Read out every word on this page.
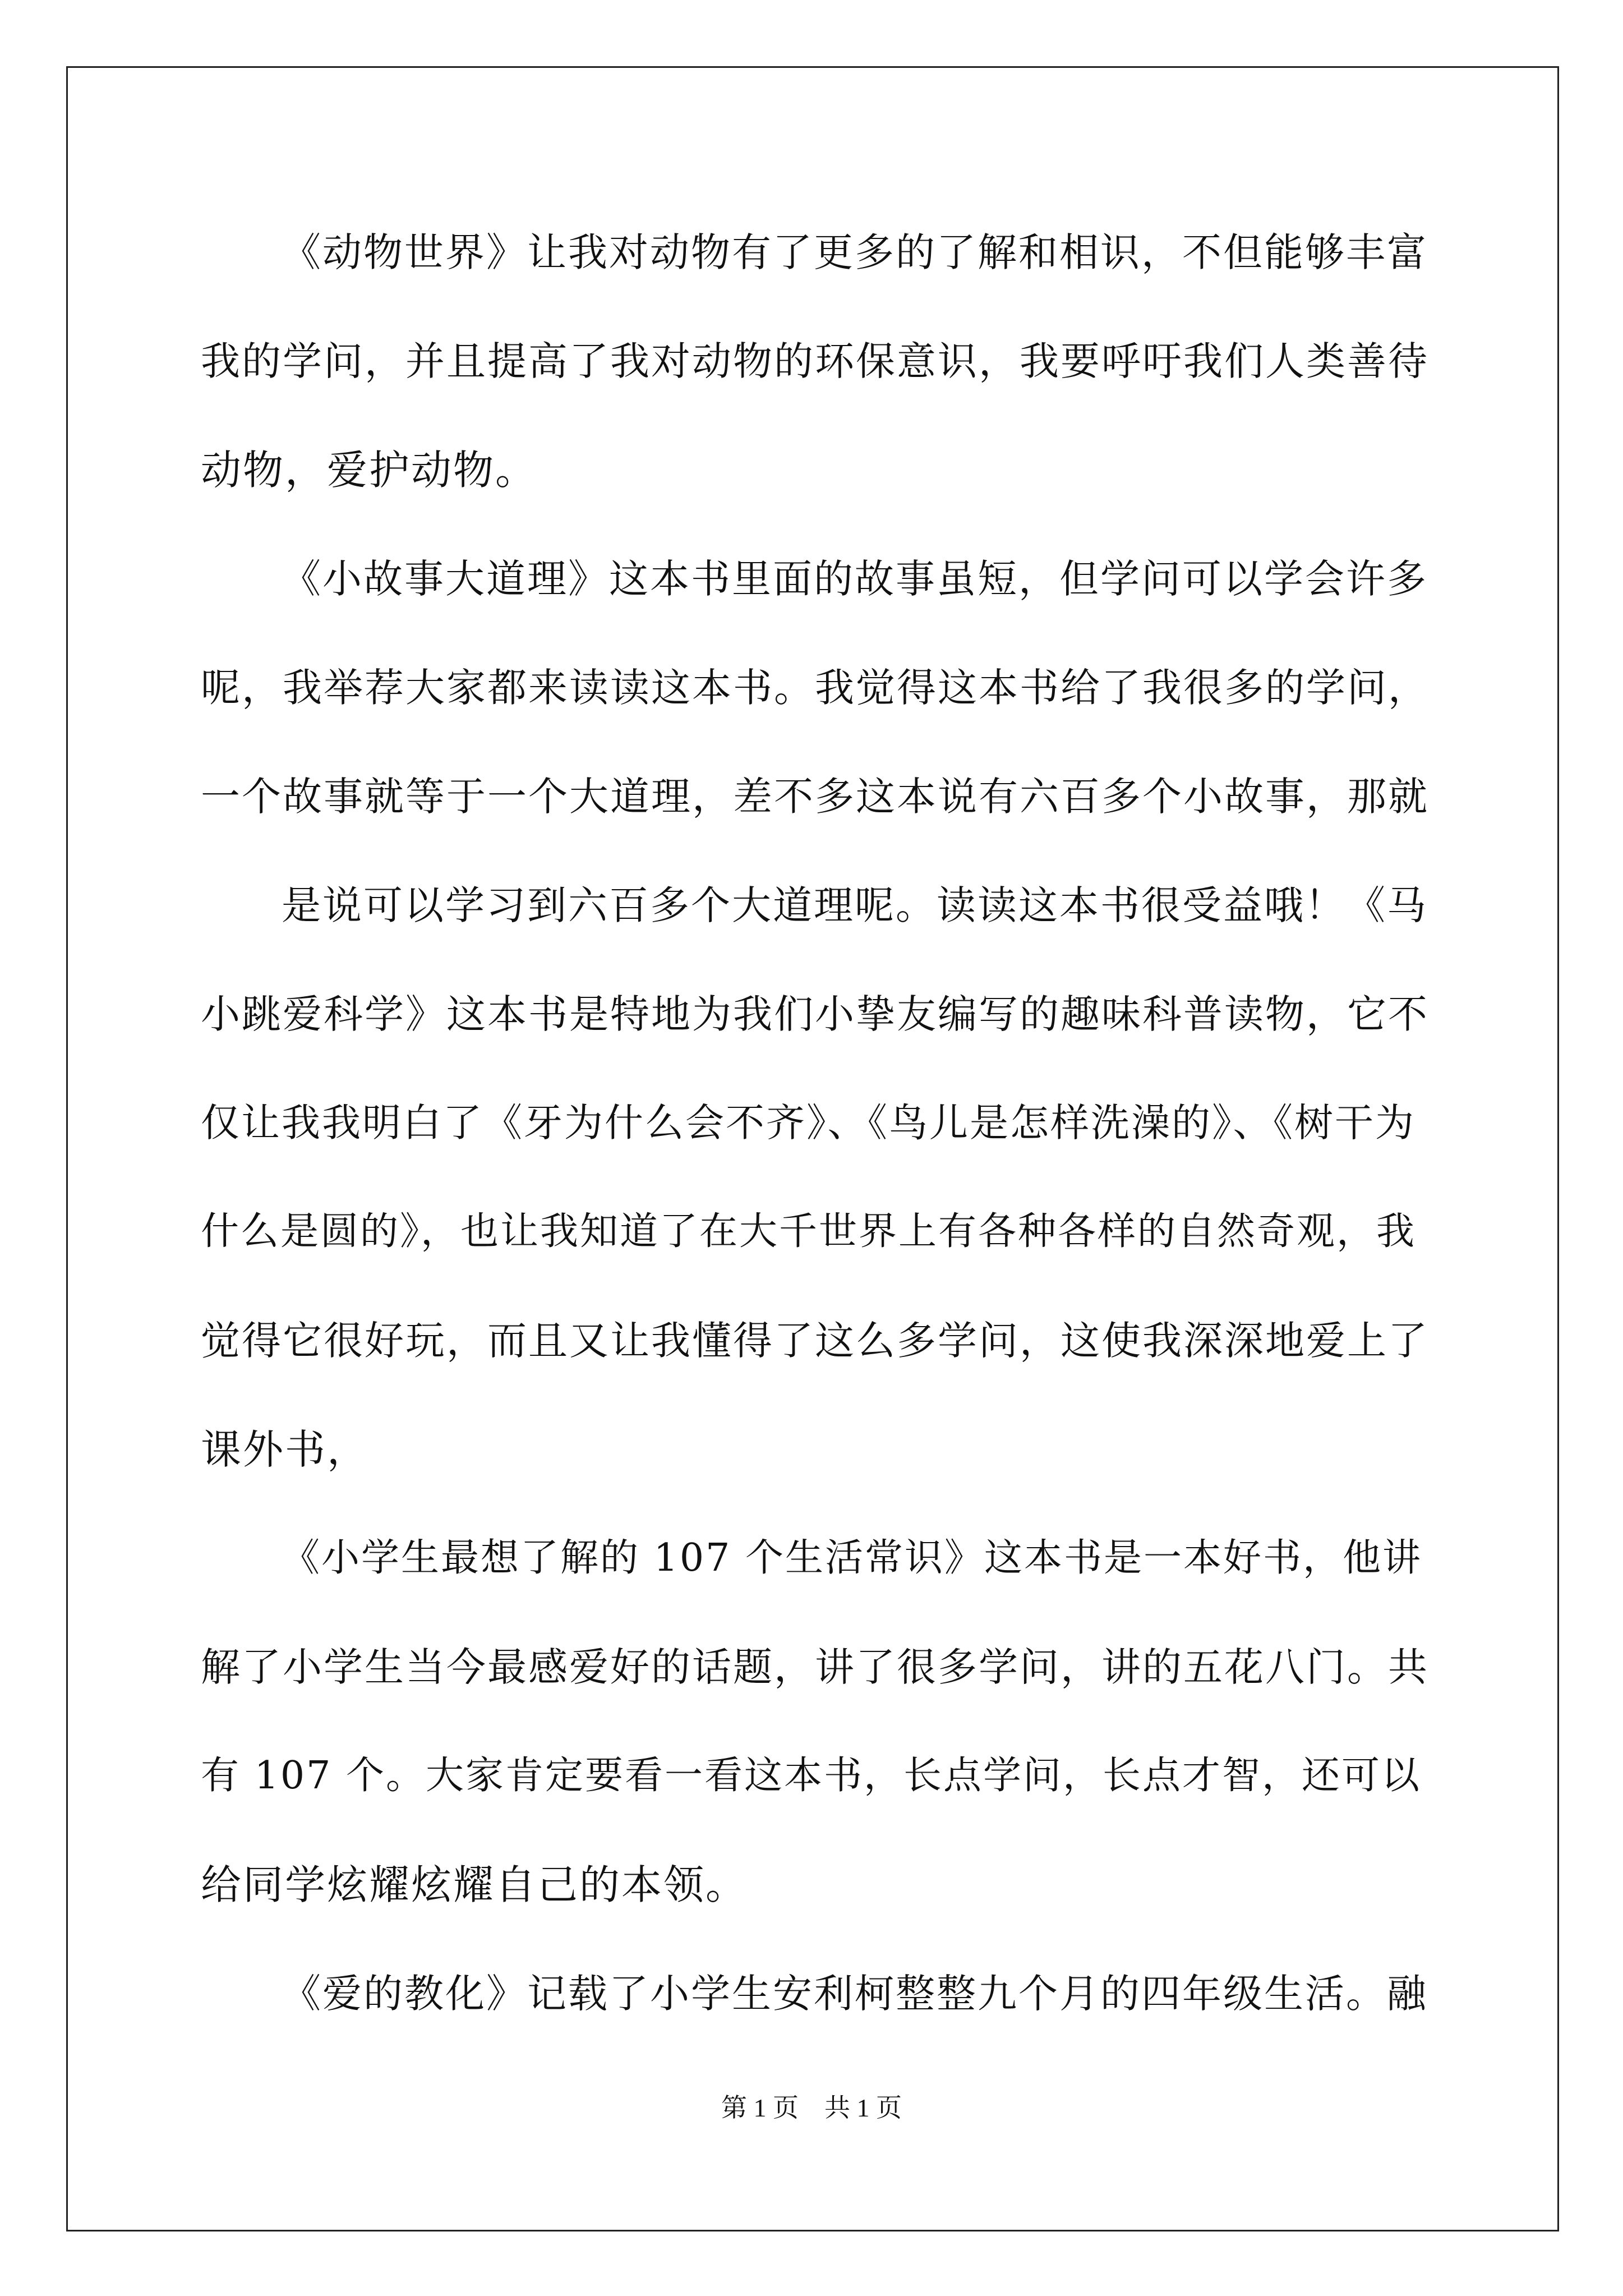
《动物世界》让我对动物有了更多的了解和相识，不但能够丰富
我的学问，并且提高了我对动物的环保意识，我要呼吁我们人类善待
动物，爱护动物。
《小故事大道理》这本书里面的故事虽短，但学问可以学会许多
呢，我举荐大家都来读读这本书。我觉得这本书给了我很多的学问，
一个故事就等于一个大道理，差不多这本说有六百多个小故事，那就
是说可以学习到六百多个大道理呢。读读这本书很受益哦！《马
小跳爱科学》这本书是特地为我们小挚友编写的趣味科普读物，它不
仅让我我明白了《牙为什么会不齐》、《鸟儿是怎样洗澡的》、《树干为
什么是圆的》，也让我知道了在大千世界上有各种各样的自然奇观，我
觉得它很好玩，而且又让我懂得了这么多学问，这使我深深地爱上了
课外书，
《小学生最想了解的 107 个生活常识》这本书是一本好书，他讲
解了小学生当今最感爱好的话题，讲了很多学问，讲的五花八门。共
有 107 个。大家肯定要看一看这本书，长点学问，长点才智，还可以
给同学炫耀炫耀自己的本领。
《爱的教化》记载了小学生安利柯整整九个月的四年级生活。融
第 1 页　共 1 页
